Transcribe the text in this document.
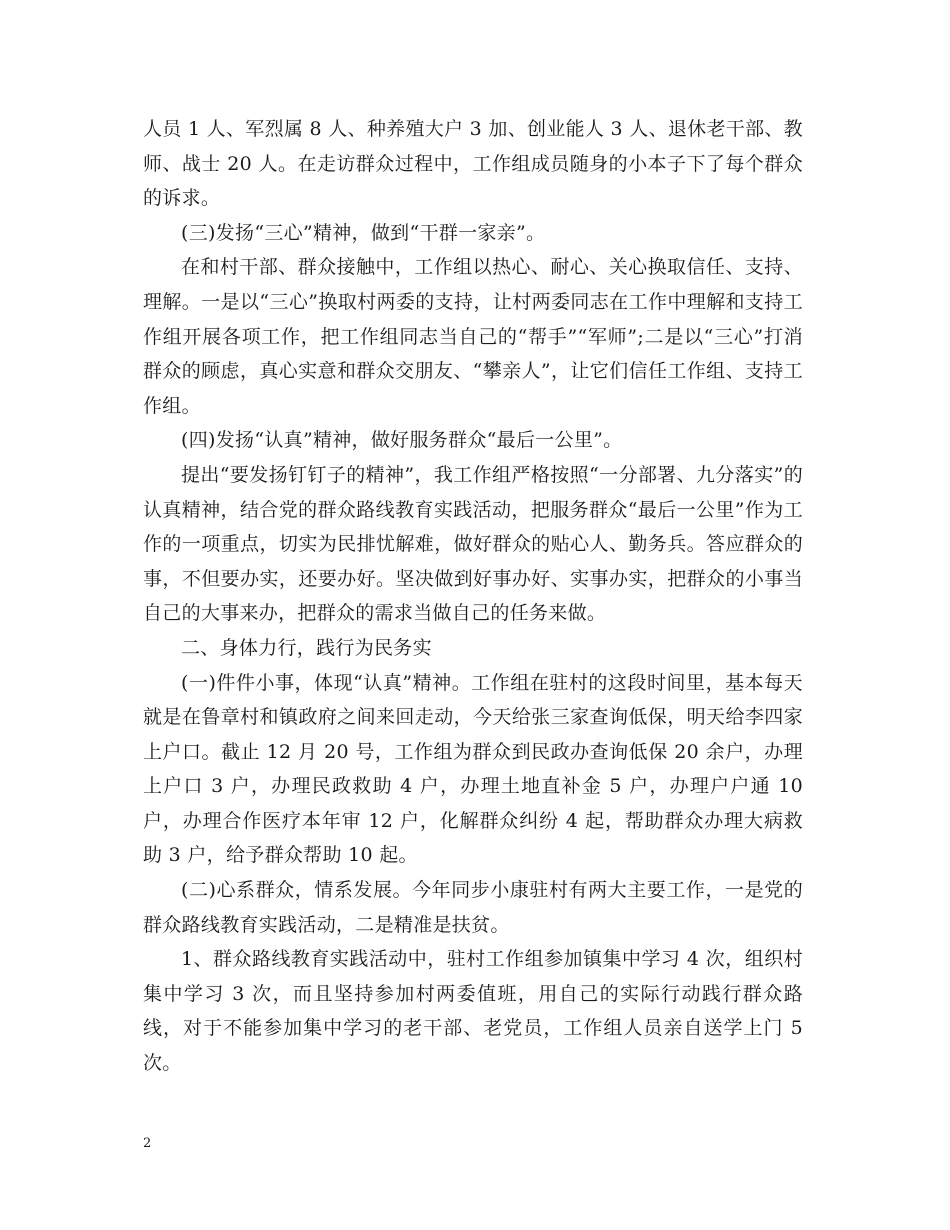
人员 1 人、军烈属 8 人、种养殖大户 3 加、创业能人 3 人、退休老干部、教师、战士 20 人。在走访群众过程中，工作组成员随身的小本子下了每个群众的诉求。

(三)发扬“三心”精神，做到“干群一家亲”。

在和村干部、群众接触中，工作组以热心、耐心、关心换取信任、支持、理解。一是以“三心”换取村两委的支持，让村两委同志在工作中理解和支持工作组开展各项工作，把工作组同志当自己的“帮手”“军师”;二是以“三心”打消群众的顾虑，真心实意和群众交朋友、“攀亲人”，让它们信任工作组、支持工作组。

(四)发扬“认真”精神，做好服务群众“最后一公里”。

提出“要发扬钉钉子的精神”，我工作组严格按照“一分部署、九分落实”的认真精神，结合党的群众路线教育实践活动，把服务群众“最后一公里”作为工作的一项重点，切实为民排忧解难，做好群众的贴心人、勤务兵。答应群众的事，不但要办实，还要办好。坚决做到好事办好、实事办实，把群众的小事当自己的大事来办，把群众的需求当做自己的任务来做。

二、身体力行，践行为民务实

(一)件件小事，体现“认真”精神。工作组在驻村的这段时间里，基本每天就是在鲁章村和镇政府之间来回走动，今天给张三家查询低保，明天给李四家上户口。截止 12 月 20 号，工作组为群众到民政办查询低保 20 余户，办理上户口 3 户，办理民政救助 4 户，办理土地直补金 5 户，办理户户通 10 户，办理合作医疗本年审 12 户，化解群众纠纷 4 起，帮助群众办理大病救助 3 户，给予群众帮助 10 起。

(二)心系群众，情系发展。今年同步小康驻村有两大主要工作，一是党的群众路线教育实践活动，二是精准是扶贫。

1、群众路线教育实践活动中，驻村工作组参加镇集中学习 4 次，组织村集中学习 3 次，而且坚持参加村两委值班，用自己的实际行动践行群众路线，对于不能参加集中学习的老干部、老党员，工作组人员亲自送学上门 5 次。

2
